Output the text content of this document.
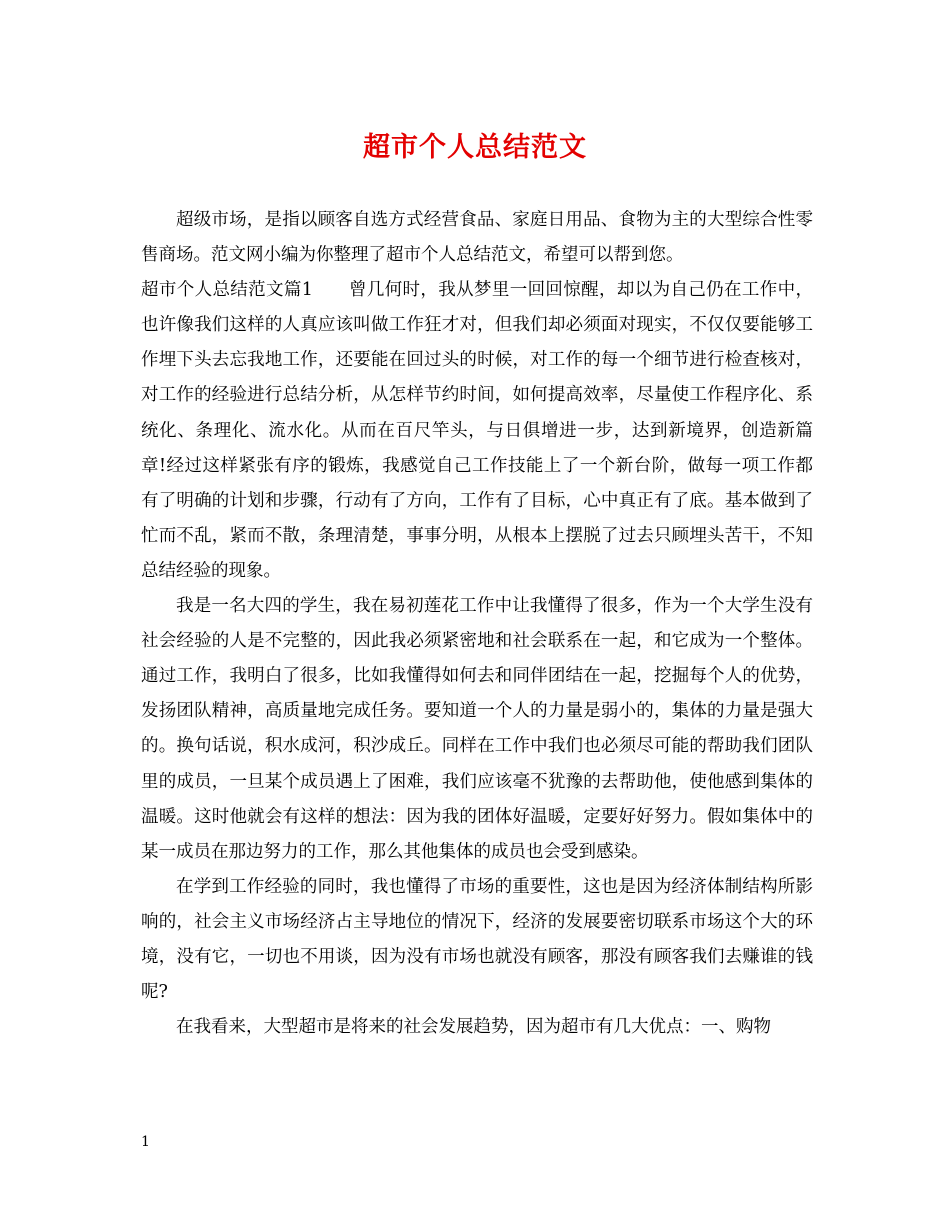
超市个人总结范文

超级市场，是指以顾客自选方式经营食品、家庭日用品、食物为主的大型综合性零售商场。范文网小编为你整理了超市个人总结范文，希望可以帮到您。

超市个人总结范文篇1　　曾几何时，我从梦里一回回惊醒，却以为自己仍在工作中，也许像我们这样的人真应该叫做工作狂才对，但我们却必须面对现实，不仅仅要能够工作埋下头去忘我地工作，还要能在回过头的时候，对工作的每一个细节进行检查核对，对工作的经验进行总结分析，从怎样节约时间，如何提高效率，尽量使工作程序化、系统化、条理化、流水化。从而在百尺竿头，与日俱增进一步，达到新境界，创造新篇章!经过这样紧张有序的锻炼，我感觉自己工作技能上了一个新台阶，做每一项工作都有了明确的计划和步骤，行动有了方向，工作有了目标，心中真正有了底。基本做到了忙而不乱，紧而不散，条理清楚，事事分明，从根本上摆脱了过去只顾埋头苦干，不知总结经验的现象。

我是一名大四的学生，我在易初莲花工作中让我懂得了很多，作为一个大学生没有社会经验的人是不完整的，因此我必须紧密地和社会联系在一起，和它成为一个整体。通过工作，我明白了很多，比如我懂得如何去和同伴团结在一起，挖掘每个人的优势，发扬团队精神，高质量地完成任务。要知道一个人的力量是弱小的，集体的力量是强大的。换句话说，积水成河，积沙成丘。同样在工作中我们也必须尽可能的帮助我们团队里的成员，一旦某个成员遇上了困难，我们应该毫不犹豫的去帮助他，使他感到集体的温暖。这时他就会有这样的想法：因为我的团体好温暖，定要好好努力。假如集体中的某一成员在那边努力的工作，那么其他集体的成员也会受到感染。

在学到工作经验的同时，我也懂得了市场的重要性，这也是因为经济体制结构所影响的，社会主义市场经济占主导地位的情况下，经济的发展要密切联系市场这个大的环境，没有它，一切也不用谈，因为没有市场也就没有顾客，那没有顾客我们去赚谁的钱呢?

在我看来，大型超市是将来的社会发展趋势，因为超市有几大优点：一、购物

1
